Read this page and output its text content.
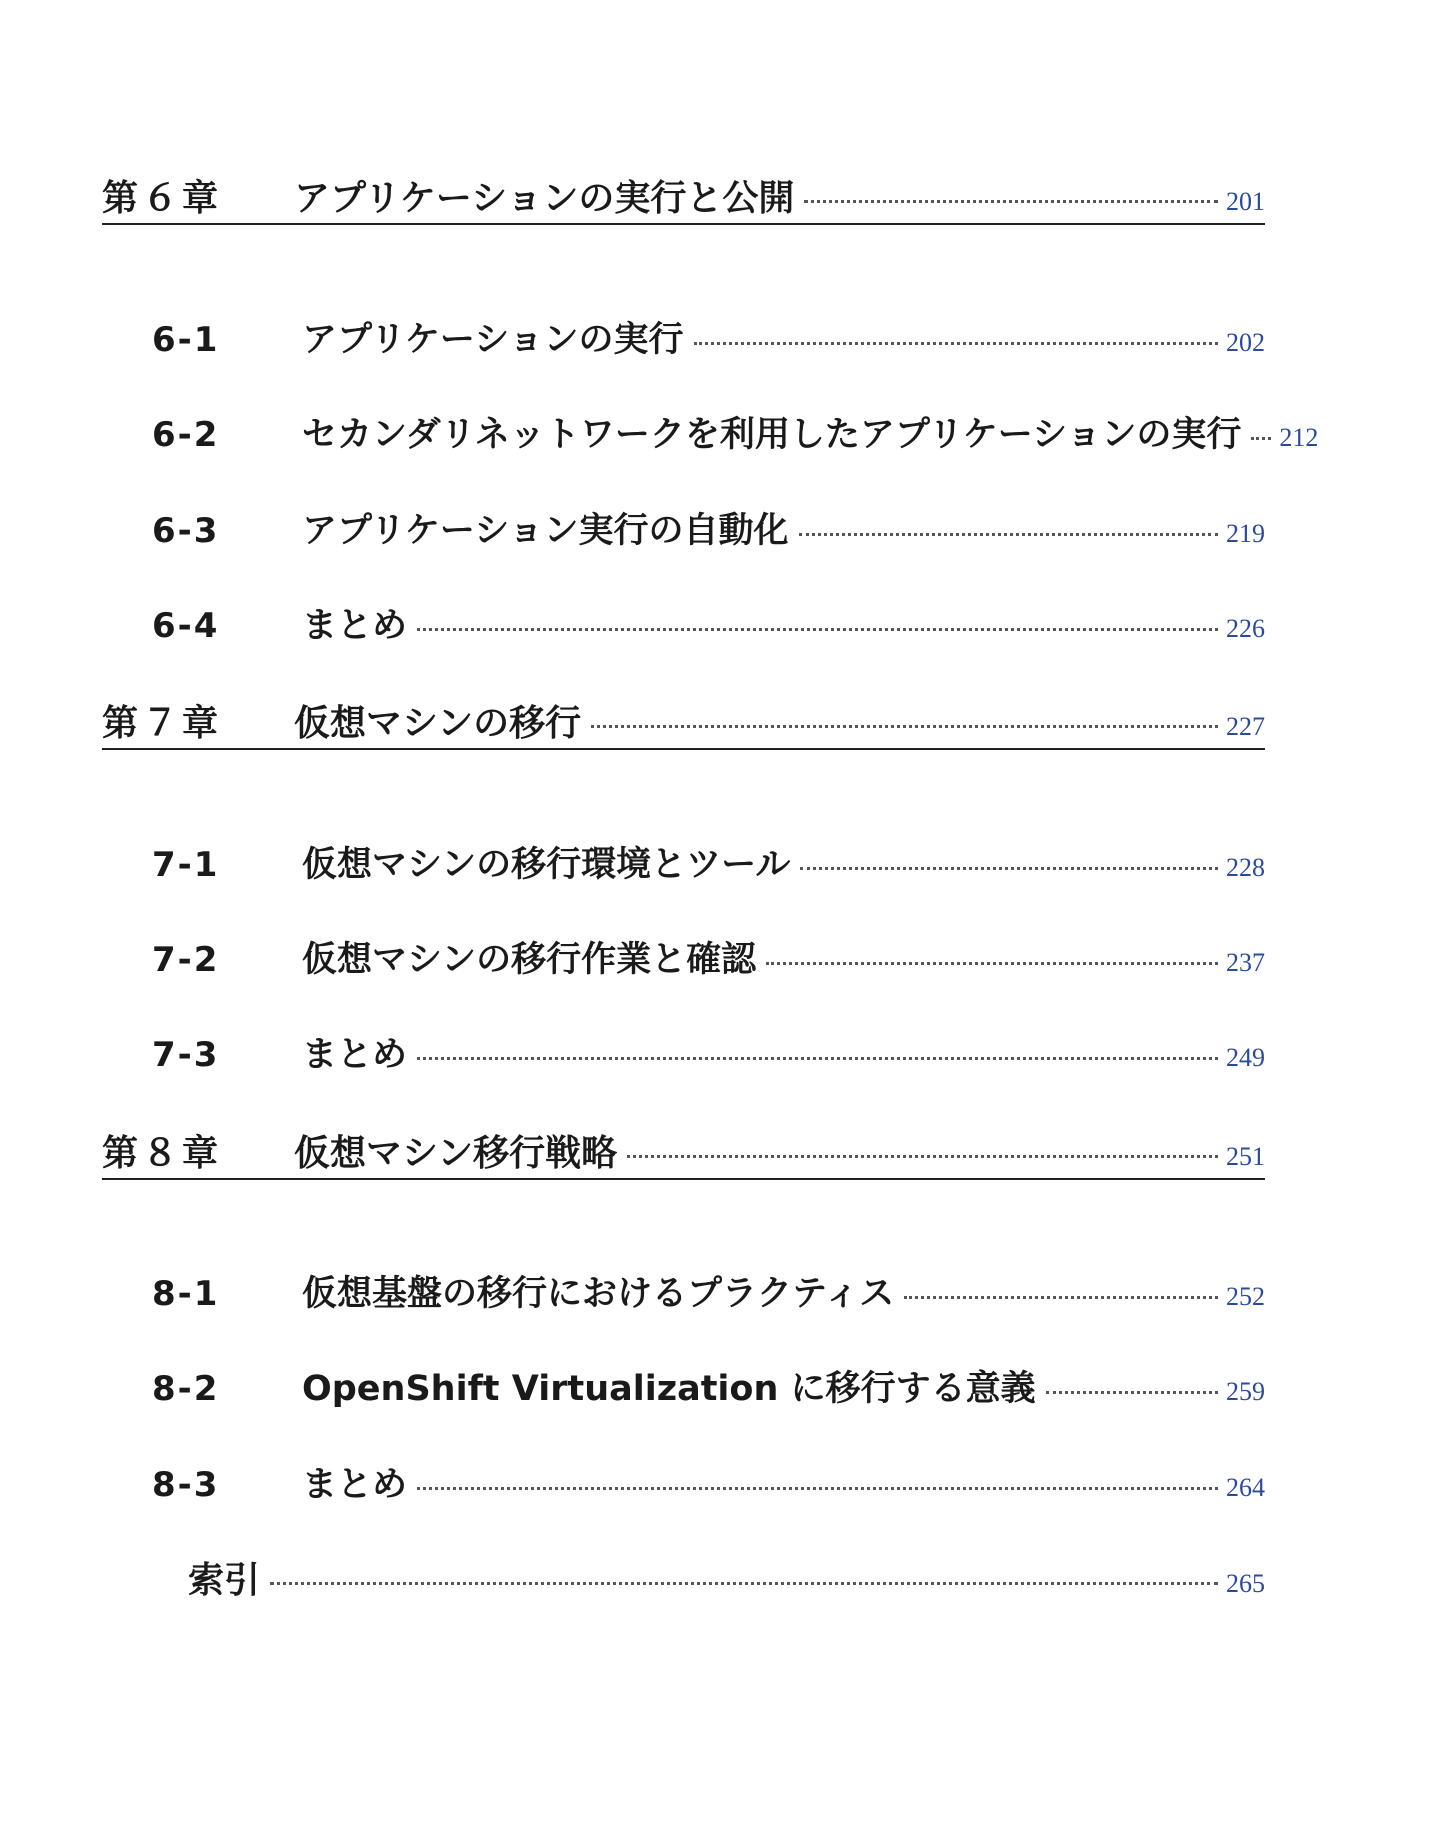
第６章	アプリケーションの実行と公開	201
6-1	アプリケーションの実行	202
6-2	セカンダリネットワークを利用したアプリケーションの実行 212
6-3	アプリケーション実行の自動化	219
6-4	まとめ	226
第７章	仮想マシンの移行	227
7-1	仮想マシンの移行環境とツール	228
7-2	仮想マシンの移行作業と確認	237
7-3	まとめ	249
第８章	仮想マシン移行戦略	251
8-1	仮想基盤の移行におけるプラクティス	252
8-2	OpenShift Virtualization に移行する意義	259
8-3	まとめ	264
索引	265
